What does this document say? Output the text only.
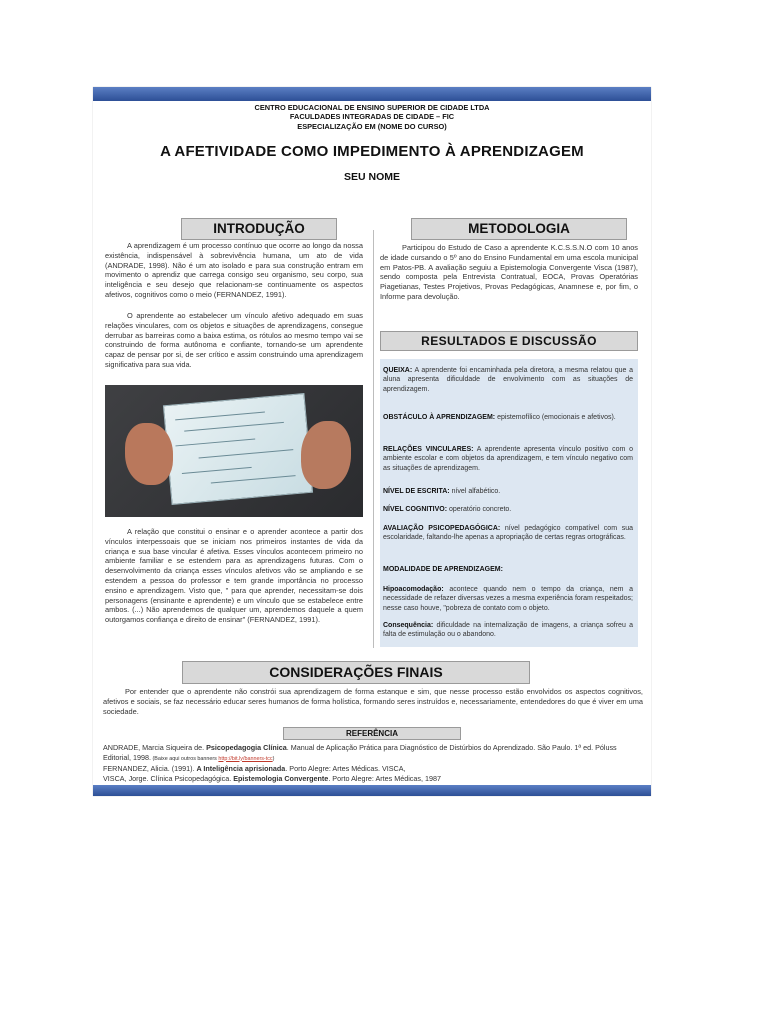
CENTRO EDUCACIONAL DE ENSINO SUPERIOR DE CIDADE LTDA
FACULDADES INTEGRADAS DE CIDADE – FIC
ESPECIALIZAÇÃO EM (NOME DO CURSO)
A AFETIVIDADE COMO IMPEDIMENTO À APRENDIZAGEM
SEU NOME
INTRODUÇÃO

A aprendizagem é um processo contínuo que ocorre ao longo da nossa existência, indispensável à sobrevivência humana, um ato de vida (ANDRADE, 1998). Não é um ato isolado e para sua construção entram em movimento o aprendiz que carrega consigo seu organismo, seu corpo, sua inteligência e seu desejo que relacionam-se continuamente os aspectos afetivos, cognitivos como o meio (FERNANDEZ, 1991).

O aprendente ao estabelecer um vínculo afetivo adequado em suas relações vinculares, com os objetos e situações de aprendizagens, consegue derrubar as barreiras como a baixa estima, os rótulos ao mesmo tempo vai se construindo de forma autônoma e confiante, tornando-se um aprendente capaz de pensar por si, de ser crítico e assim construindo uma aprendizagem significativa para sua vida.

A relação que constitui o ensinar e o aprender acontece a partir dos vínculos interpessoais que se iniciam nos primeiros instantes de vida da criança e sua base vincular é afetiva. Esses vínculos acontecem primeiro no ambiente familiar e se estendem para as aprendizagens futuras. Com o desenvolvimento da criança esses vínculos afetivos vão se ampliando e se estendem a pessoa do professor e tem grande importância no processo ensino e aprendizagem. Visto que, " para que aprender, necessitam-se dois personagens (ensinante e aprendente) e um vínculo que se estabelece entre ambos. (...) Não aprendemos de qualquer um, aprendemos daquele a quem outorgamos confiança e direito de ensinar" (FERNANDEZ, 1991).

METODOLOGIA

Participou do Estudo de Caso a aprendente K.C.S.S.N.O com 10 anos de idade cursando o 5º ano do Ensino Fundamental em uma escola municipal em Patos-PB. A avaliação seguiu a Epistemologia Convergente Visca (1987), sendo composta pela Entrevista Contratual, EOCA, Provas Operatórias Piagetianas, Testes Projetivos, Provas Pedagógicas, Anamnese e, por fim, o Informe para devolução.

RESULTADOS E DISCUSSÃO

QUEIXA: A aprendente foi encaminhada pela diretora, a mesma relatou que a aluna apresenta dificuldade de envolvimento com as situações de aprendizagem.

OBSTÁCULO À APRENDIZAGEM: epistemofílico (emocionais e afetivos).

RELAÇÕES VINCULARES: A aprendente apresenta vínculo positivo com o ambiente escolar e com objetos da aprendizagem, e tem vínculo negativo com as situações de aprendizagem.

NÍVEL DE ESCRITA: nível alfabético.

NÍVEL COGNITIVO: operatório concreto.

AVALIAÇÃO PSICOPEDAGÓGICA: nível pedagógico compatível com sua escolaridade, faltando-lhe apenas a apropriação de certas regras ortográficas.

MODALIDADE DE APRENDIZAGEM:

Hipoacomodação: acontece quando nem o tempo da criança, nem a necessidade de refazer diversas vezes a mesma experiência foram respeitados; nesse caso houve, "pobreza de contato com o objeto.

Consequência: dificuldade na internalização de imagens, a criança sofreu a falta de estimulação ou o abandono.

CONSIDERAÇÕES FINAIS

Por entender que o aprendente não constrói sua aprendizagem de forma estanque e sim, que nesse processo estão envolvidos os aspectos cognitivos, afetivos e sociais, se faz necessário educar seres humanos de forma holística, formando seres instruídos e, necessariamente, entendedores do que é viver em uma sociedade.

REFERÊNCIA
ANDRADE, Marcia Siqueira de. Psicopedagogia Clínica. Manual de Aplicação Prática para Diagnóstico de Distúrbios do Aprendizado. São Paulo. 1ª ed. Póluss Editorial, 1998. (Baixe aqui outros banners http://bit.ly/banners-tcc)
FERNANDEZ, Alicia. (1991). A Inteligência aprisionada. Porto Alegre: Artes Médicas. VISCA,
VISCA, Jorge. Clínica Psicopedagógica. Epistemologia Convergente. Porto Alegre: Artes Médicas, 1987
